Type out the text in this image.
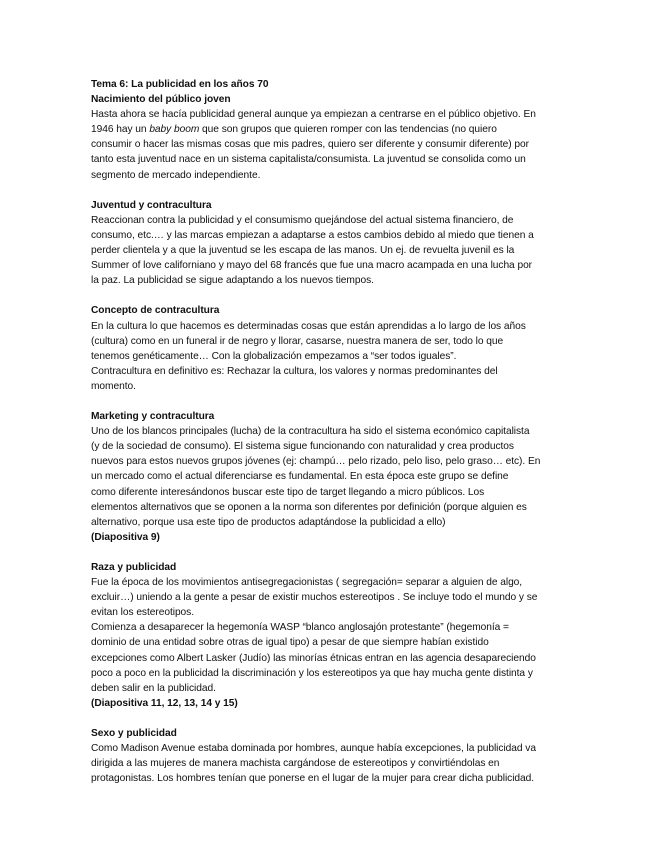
Tema 6: La publicidad en los años 70
Nacimiento del público joven
Hasta ahora se hacía publicidad general aunque ya empiezan a centrarse en el público objetivo. En
1946 hay un baby boom que son grupos que quieren romper con las tendencias (no quiero
consumir o hacer las mismas cosas que mis padres, quiero ser diferente y consumir diferente) por
tanto esta juventud nace en un sistema capitalista/consumista. La juventud se consolida como un
segmento de mercado independiente.
Juventud y contracultura
Reaccionan contra la publicidad y el consumismo quejándose del actual sistema financiero, de
consumo, etc.… y las marcas empiezan a adaptarse a estos cambios debido al miedo que tienen a
perder clientela y a que la juventud se les escapa de las manos. Un ej. de revuelta juvenil es la
Summer of love californiano y mayo del 68 francés que fue una macro acampada en una lucha por
la paz. La publicidad se sigue adaptando a los nuevos tiempos.
Concepto de contracultura
En la cultura lo que hacemos es determinadas cosas que están aprendidas a lo largo de los años
(cultura) como en un funeral ir de negro y llorar, casarse, nuestra manera de ser, todo lo que
tenemos genéticamente… Con la globalización empezamos a “ser todos iguales”.
Contracultura en definitivo es: Rechazar la cultura, los valores y normas predominantes del
momento.
Marketing y contracultura
Uno de los blancos principales (lucha) de la contracultura ha sido el sistema económico capitalista
(y de la sociedad de consumo). El sistema sigue funcionando con naturalidad y crea productos
nuevos para estos nuevos grupos jóvenes (ej: champú… pelo rizado, pelo liso, pelo graso… etc). En
un mercado como el actual diferenciarse es fundamental. En esta época este grupo se define
como diferente interesándonos buscar este tipo de target llegando a micro públicos. Los
elementos alternativos que se oponen a la norma son diferentes por definición (porque alguien es
alternativo, porque usa este tipo de productos adaptándose la publicidad a ello)
(Diapositiva 9)
Raza y publicidad
Fue la época de los movimientos antisegregacionistas ( segregación= separar a alguien de algo,
excluir…) uniendo a la gente a pesar de existir muchos estereotipos . Se incluye todo el mundo y se
evitan los estereotipos.
Comienza a desaparecer la hegemonía WASP “blanco anglosajón protestante” (hegemonía =
dominio de una entidad sobre otras de igual tipo) a pesar de que siempre habían existido
excepciones como Albert Lasker (Judío) las minorías étnicas entran en las agencia desapareciendo
poco a poco en la publicidad la discriminación y los estereotipos ya que hay mucha gente distinta y
deben salir en la publicidad.
(Diapositiva 11, 12, 13, 14 y 15)
Sexo y publicidad
Como Madison Avenue estaba dominada por hombres, aunque había excepciones, la publicidad va
dirigida a las mujeres de manera machista cargándose de estereotipos y convirtiéndolas en
protagonistas. Los hombres tenían que ponerse en el lugar de la mujer para crear dicha publicidad.
